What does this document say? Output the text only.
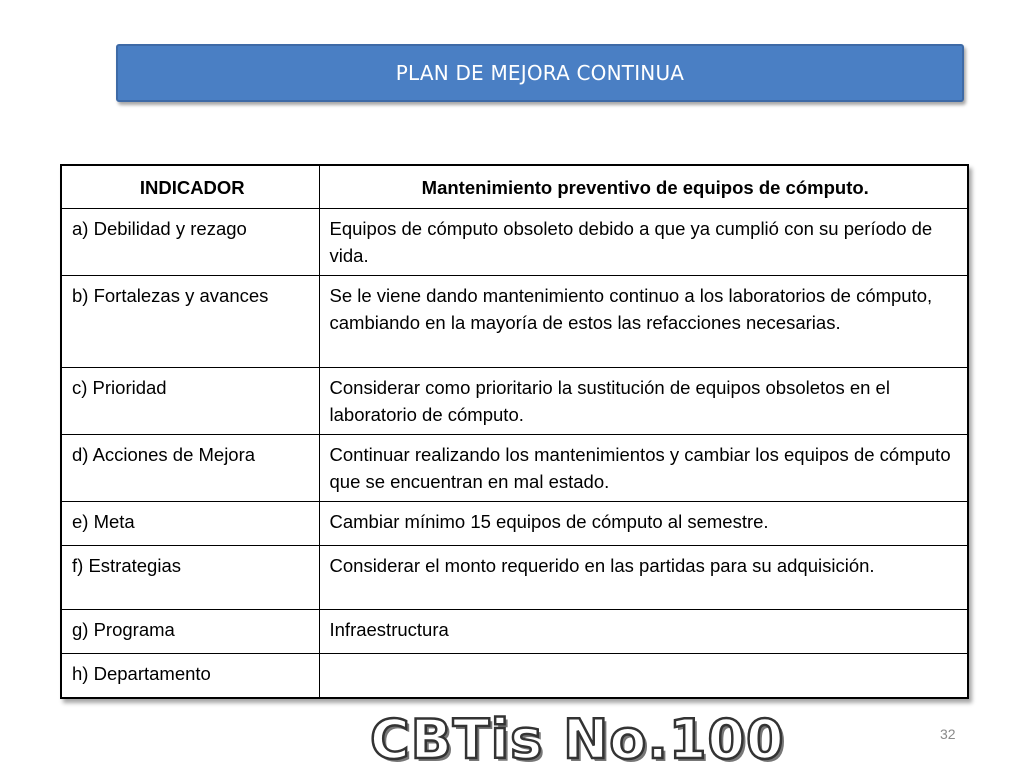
PLAN DE MEJORA CONTINUA
INDICADOR	Mantenimiento preventivo de equipos de cómputo.
a) Debilidad y rezago	Equipos de cómputo obsoleto debido a que ya cumplió con su período de vida.
b) Fortalezas y avances	Se le viene dando mantenimiento continuo a los laboratorios de cómputo, cambiando en la mayoría de estos las refacciones necesarias.
c) Prioridad	Considerar como prioritario la sustitución de equipos obsoletos en el laboratorio de cómputo.
d) Acciones de Mejora	Continuar realizando los mantenimientos y cambiar los equipos de cómputo que se encuentran en mal estado.
e) Meta	Cambiar mínimo 15 equipos de cómputo al semestre.
f) Estrategias	Considerar el monto requerido en las partidas para su adquisición.
g) Programa	Infraestructura
h) Departamento	
CBTis No.100	32
